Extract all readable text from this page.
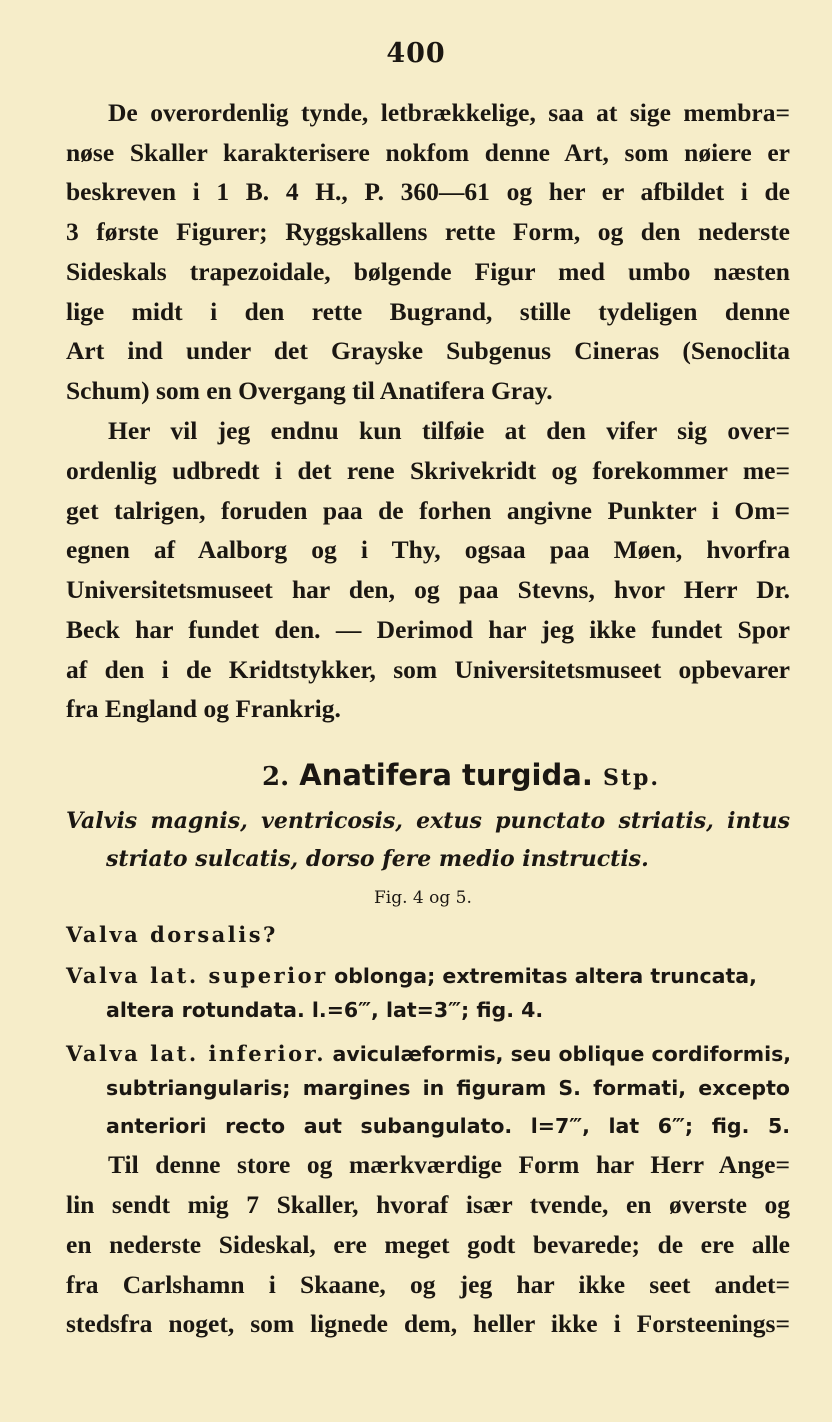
400

De overordenlig tynde, letbrækkelige, saa at sige membra=

nøse Skaller karakterisere nokfom denne Art, som nøiere er

beskreven i 1 B. 4 H., P. 360—61 og her er afbildet i de

3 første Figurer; Ryggskallens rette Form, og den nederste

Sideskals trapezoidale, bølgende Figur med umbo næsten

lige midt i den rette Bugrand, stille tydeligen denne

Art ind under det Grayske Subgenus Cineras (Senoclita

Schum) som en Overgang til Anatifera Gray.

Her vil jeg endnu kun tilføie at den vifer sig over=

ordenlig udbredt i det rene Skrivekridt og forekommer me=

get talrigen, foruden paa de forhen angivne Punkter i Om=

egnen af Aalborg og i Thy, ogsaa paa Møen, hvorfra

Universitetsmuseet har den, og paa Stevns, hvor Herr Dr.

Beck har fundet den. — Derimod har jeg ikke fundet Spor

af den i de Kridtstykker, som Universitetsmuseet opbevarer

fra England og Frankrig.

2. Anatifera turgida. Stp.

Valvis magnis, ventricosis, extus punctato striatis, intus

striato sulcatis, dorso fere medio instructis.

Fig. 4 og 5.

Valva dorsalis?

Valva lat. superior oblonga; extremitas altera truncata,

altera rotundata. l.=6‴, lat=3‴; fig. 4.

Valva lat. inferior. aviculæformis, seu oblique cordiformis,

subtriangularis; margines in figuram S. formati, excepto

anteriori recto aut subangulato. l=7‴, lat 6‴; fig. 5.

Til denne store og mærkværdige Form har Herr Ange=

lin sendt mig 7 Skaller, hvoraf især tvende, en øverste og

en nederste Sideskal, ere meget godt bevarede; de ere alle

fra Carlshamn i Skaane, og jeg har ikke seet andet=

stedsfra noget, som lignede dem, heller ikke i Forsteenings=
